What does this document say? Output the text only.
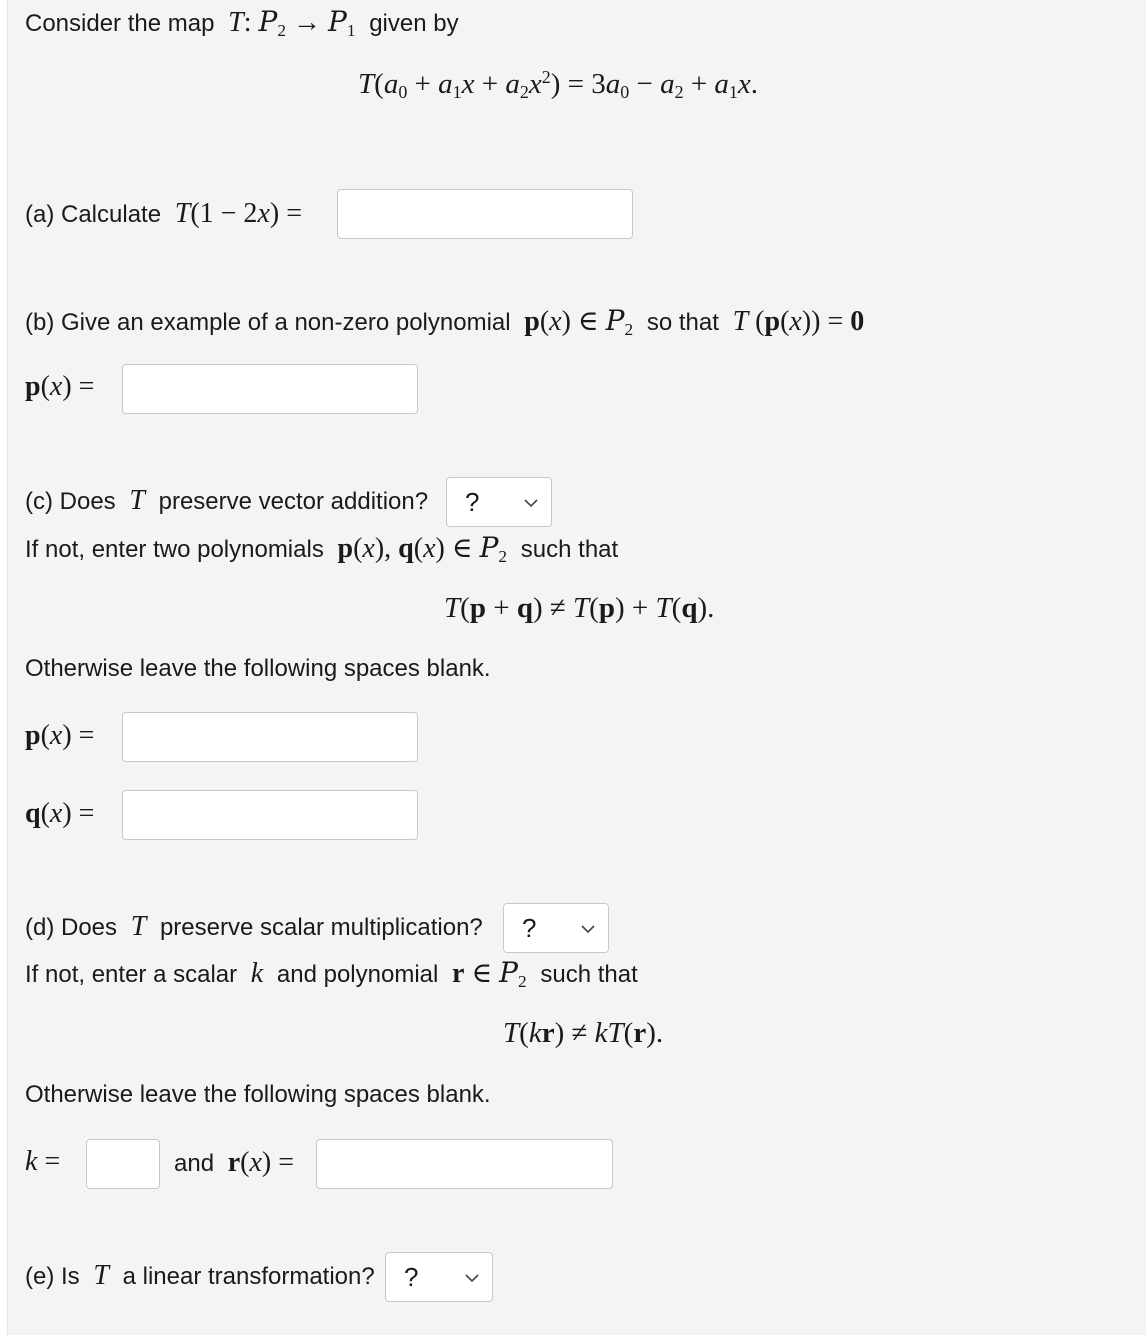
Consider the map T: $P_2 \to P_1$ given by
$T(a_0 + a_1x + a_2x^2) = 3a_0 - a_2 + a_1x$.
(a) Calculate T(1 − 2x) =
(b) Give an example of a non-zero polynomial p(x) ∈ $P_2$ so that T (p(x)) = 0
p(x) =
(c) Does T preserve vector addition? ?
If not, enter two polynomials p(x), q(x) ∈ $P_2$ such that
T(p + q) ≠ T(p) + T(q).
Otherwise leave the following spaces blank.
p(x) =
q(x) =
(d) Does T preserve scalar multiplication? ?
If not, enter a scalar k and polynomial r ∈ $P_2$ such that
T(kr) ≠ kT(r).
Otherwise leave the following spaces blank.
k =	and r(x) =
(e) Is T a linear transformation? ?
